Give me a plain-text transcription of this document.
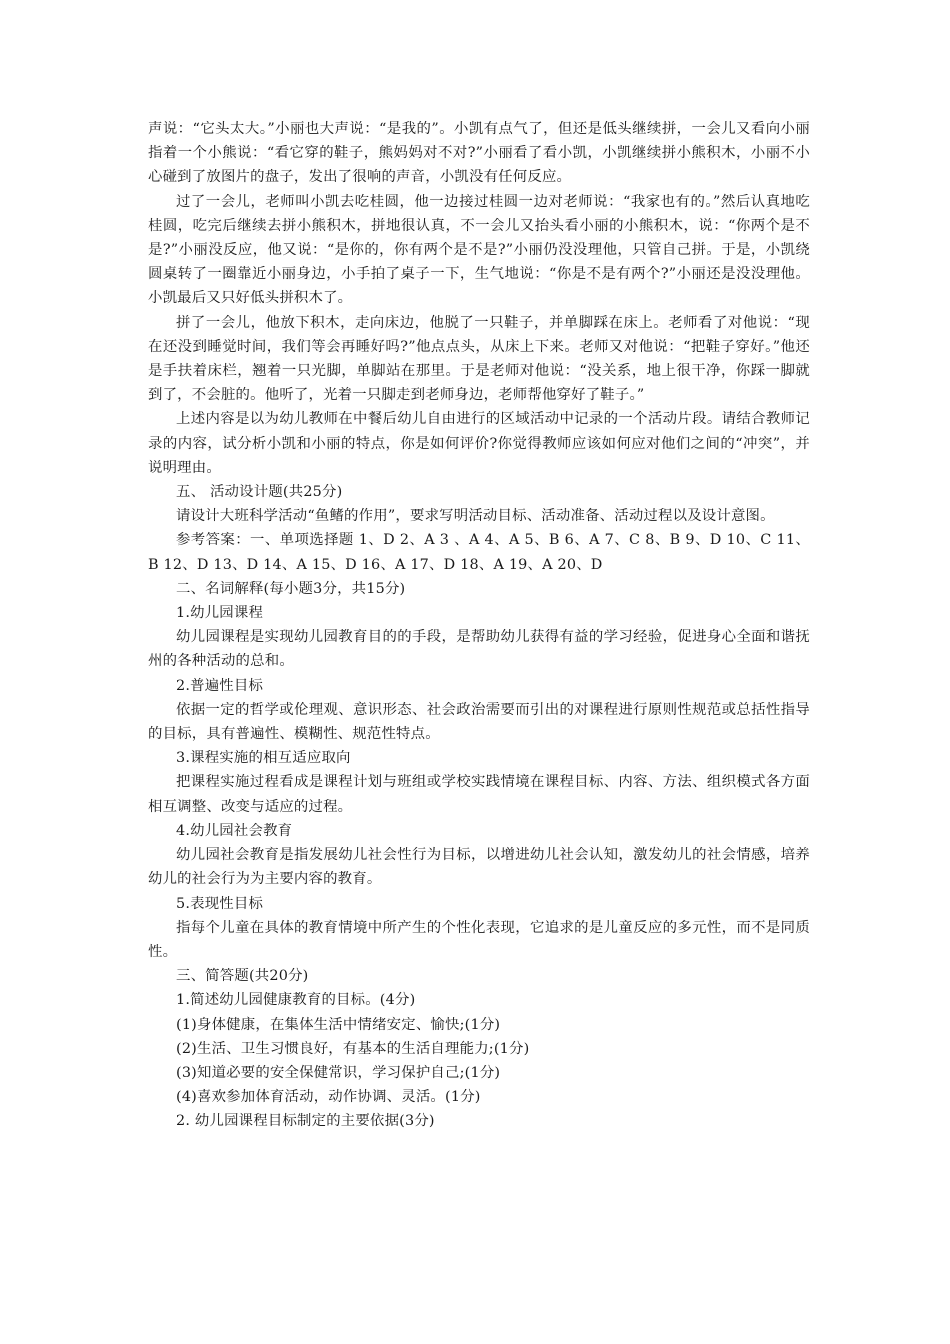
声说：“它头太大。”小丽也大声说：“是我的”。小凯有点气了，但还是低头继续拼，一会儿又看向小丽指着一个小熊说：“看它穿的鞋子，熊妈妈对不对?”小丽看了看小凯，小凯继续拼小熊积木，小丽不小心碰到了放图片的盘子，发出了很响的声音，小凯没有任何反应。

过了一会儿，老师叫小凯去吃桂圆，他一边接过桂圆一边对老师说：“我家也有的。”然后认真地吃桂圆，吃完后继续去拼小熊积木，拼地很认真，不一会儿又抬头看小丽的小熊积木，说：“你两个是不是?”小丽没反应，他又说：“是你的，你有两个是不是?”小丽仍没没理他，只管自己拼。于是，小凯绕圆桌转了一圈靠近小丽身边，小手拍了桌子一下，生气地说：“你是不是有两个?”小丽还是没没理他。小凯最后又只好低头拼积木了。

拼了一会儿，他放下积木，走向床边，他脱了一只鞋子，并单脚踩在床上。老师看了对他说：“现在还没到睡觉时间，我们等会再睡好吗?”他点点头，从床上下来。老师又对他说：“把鞋子穿好。”他还是手扶着床栏，翘着一只光脚，单脚站在那里。于是老师对他说：“没关系，地上很干净，你踩一脚就到了，不会脏的。他听了，光着一只脚走到老师身边，老师帮他穿好了鞋子。”

上述内容是以为幼儿教师在中餐后幼儿自由进行的区域活动中记录的一个活动片段。请结合教师记录的内容，试分析小凯和小丽的特点，你是如何评价?你觉得教师应该如何应对他们之间的“冲突”，并说明理由。

五、 活动设计题(共25分)

请设计大班科学活动“鱼鳍的作用”，要求写明活动目标、活动准备、活动过程以及设计意图。

参考答案：一、单项选择题 1、D 2、A 3 、A 4、A 5、B 6、A 7、C 8、B 9、D 10、C 11、B 12、D 13、D 14、A 15、D 16、A 17、D 18、A 19、A 20、D

二、名词解释(每小题3分，共15分)

1.幼儿园课程

幼儿园课程是实现幼儿园教育目的的手段，是帮助幼儿获得有益的学习经验，促进身心全面和谐抚州的各种活动的总和。

2.普遍性目标

依据一定的哲学或伦理观、意识形态、社会政治需要而引出的对课程进行原则性规范或总括性指导的目标，具有普遍性、模糊性、规范性特点。

3.课程实施的相互适应取向

把课程实施过程看成是课程计划与班组或学校实践情境在课程目标、内容、方法、组织模式各方面相互调整、改变与适应的过程。

4.幼儿园社会教育

幼儿园社会教育是指发展幼儿社会性行为目标，以增进幼儿社会认知，激发幼儿的社会情感，培养幼儿的社会行为为主要内容的教育。

5.表现性目标

指每个儿童在具体的教育情境中所产生的个性化表现，它追求的是儿童反应的多元性，而不是同质性。

三、简答题(共20分)

1.简述幼儿园健康教育的目标。(4分)

(1)身体健康，在集体生活中情绪安定、愉快;(1分)

(2)生活、卫生习惯良好，有基本的生活自理能力;(1分)

(3)知道必要的安全保健常识，学习保护自己;(1分)

(4)喜欢参加体育活动，动作协调、灵活。(1分)

2. 幼儿园课程目标制定的主要依据(3分)
